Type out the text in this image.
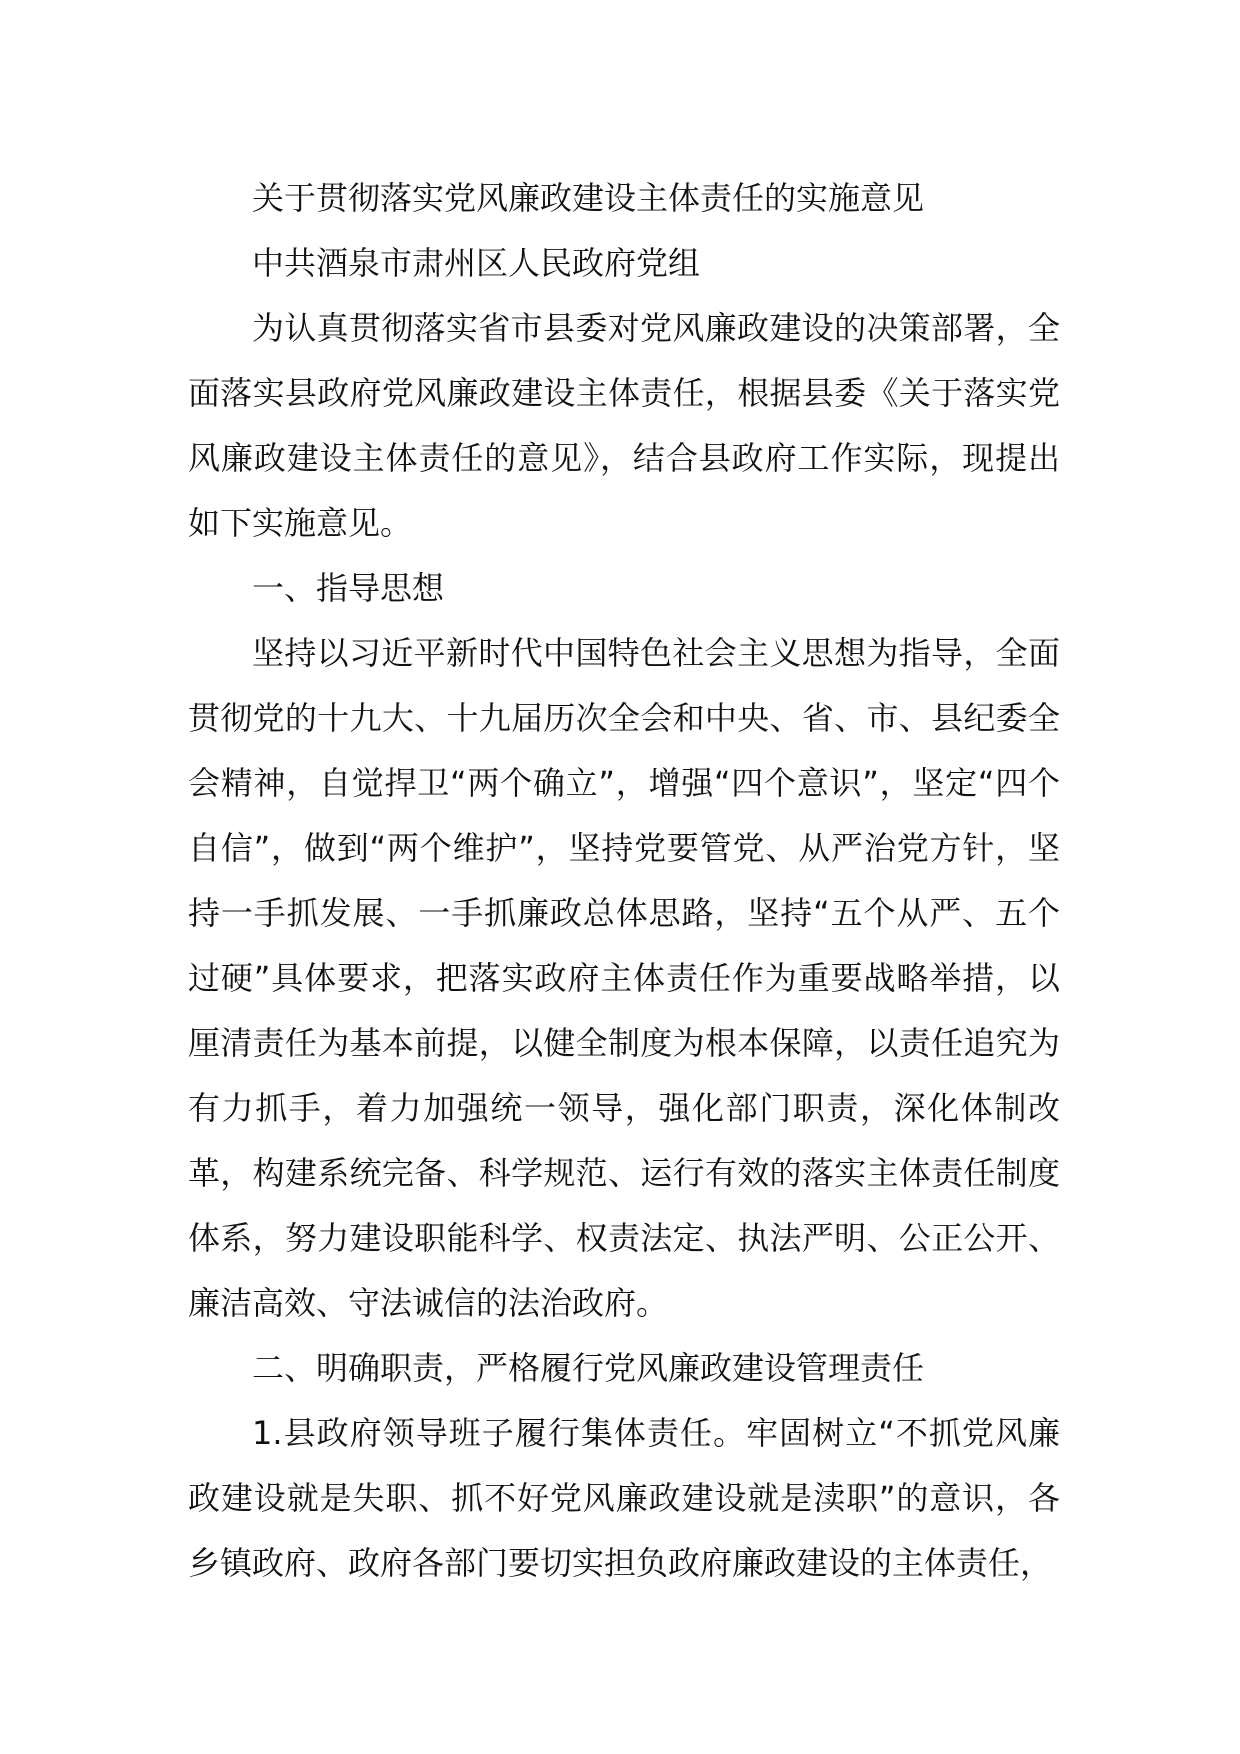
关于贯彻落实党风廉政建设主体责任的实施意见

中共酒泉市肃州区人民政府党组

为认真贯彻落实省市县委对党风廉政建设的决策部署，全面落实县政府党风廉政建设主体责任，根据县委《关于落实党风廉政建设主体责任的意见》，结合县政府工作实际，现提出如下实施意见。

一、指导思想

坚持以习近平新时代中国特色社会主义思想为指导，全面贯彻党的十九大、十九届历次全会和中央、省、市、县纪委全会精神，自觉捍卫“两个确立”，增强“四个意识”，坚定“四个自信”，做到“两个维护”，坚持党要管党、从严治党方针，坚持一手抓发展、一手抓廉政总体思路，坚持“五个从严、五个过硬”具体要求，把落实政府主体责任作为重要战略举措，以厘清责任为基本前提，以健全制度为根本保障，以责任追究为有力抓手，着力加强统一领导，强化部门职责，深化体制改革，构建系统完备、科学规范、运行有效的落实主体责任制度体系，努力建设职能科学、权责法定、执法严明、公正公开、廉洁高效、守法诚信的法治政府。

二、明确职责，严格履行党风廉政建设管理责任

1.县政府领导班子履行集体责任。牢固树立“不抓党风廉政建设就是失职、抓不好党风廉政建设就是渎职”的意识，各乡镇政府、政府各部门要切实担负政府廉政建设的主体责任，
